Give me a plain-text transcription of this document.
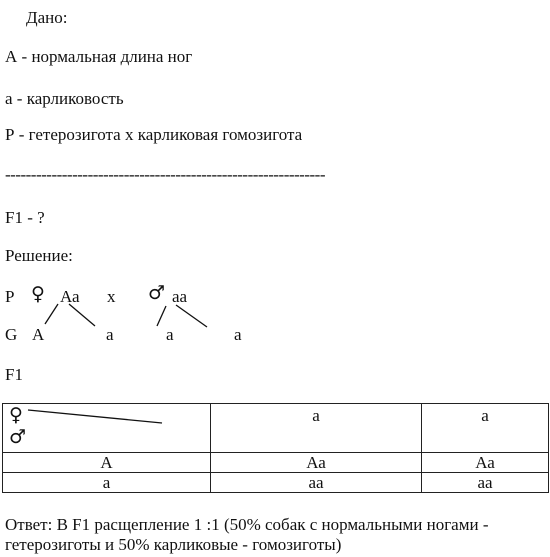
Дано:
А - нормальная длина ног
а - карликовость
Р - гетерозигота х карликовая гомозигота
--------------------------------------------------------------
F1 - ?
Решение:
Р ♀ Аа х ♂ аа
G А	а	а	а
F1
♀
♂	а	а
А	Аа	Аа
а	аа	аа
Ответ: В F1 расщепление 1 :1 (50% собак с нормальными ногами -
гетерозиготы и 50% карликовые - гомозиготы)
